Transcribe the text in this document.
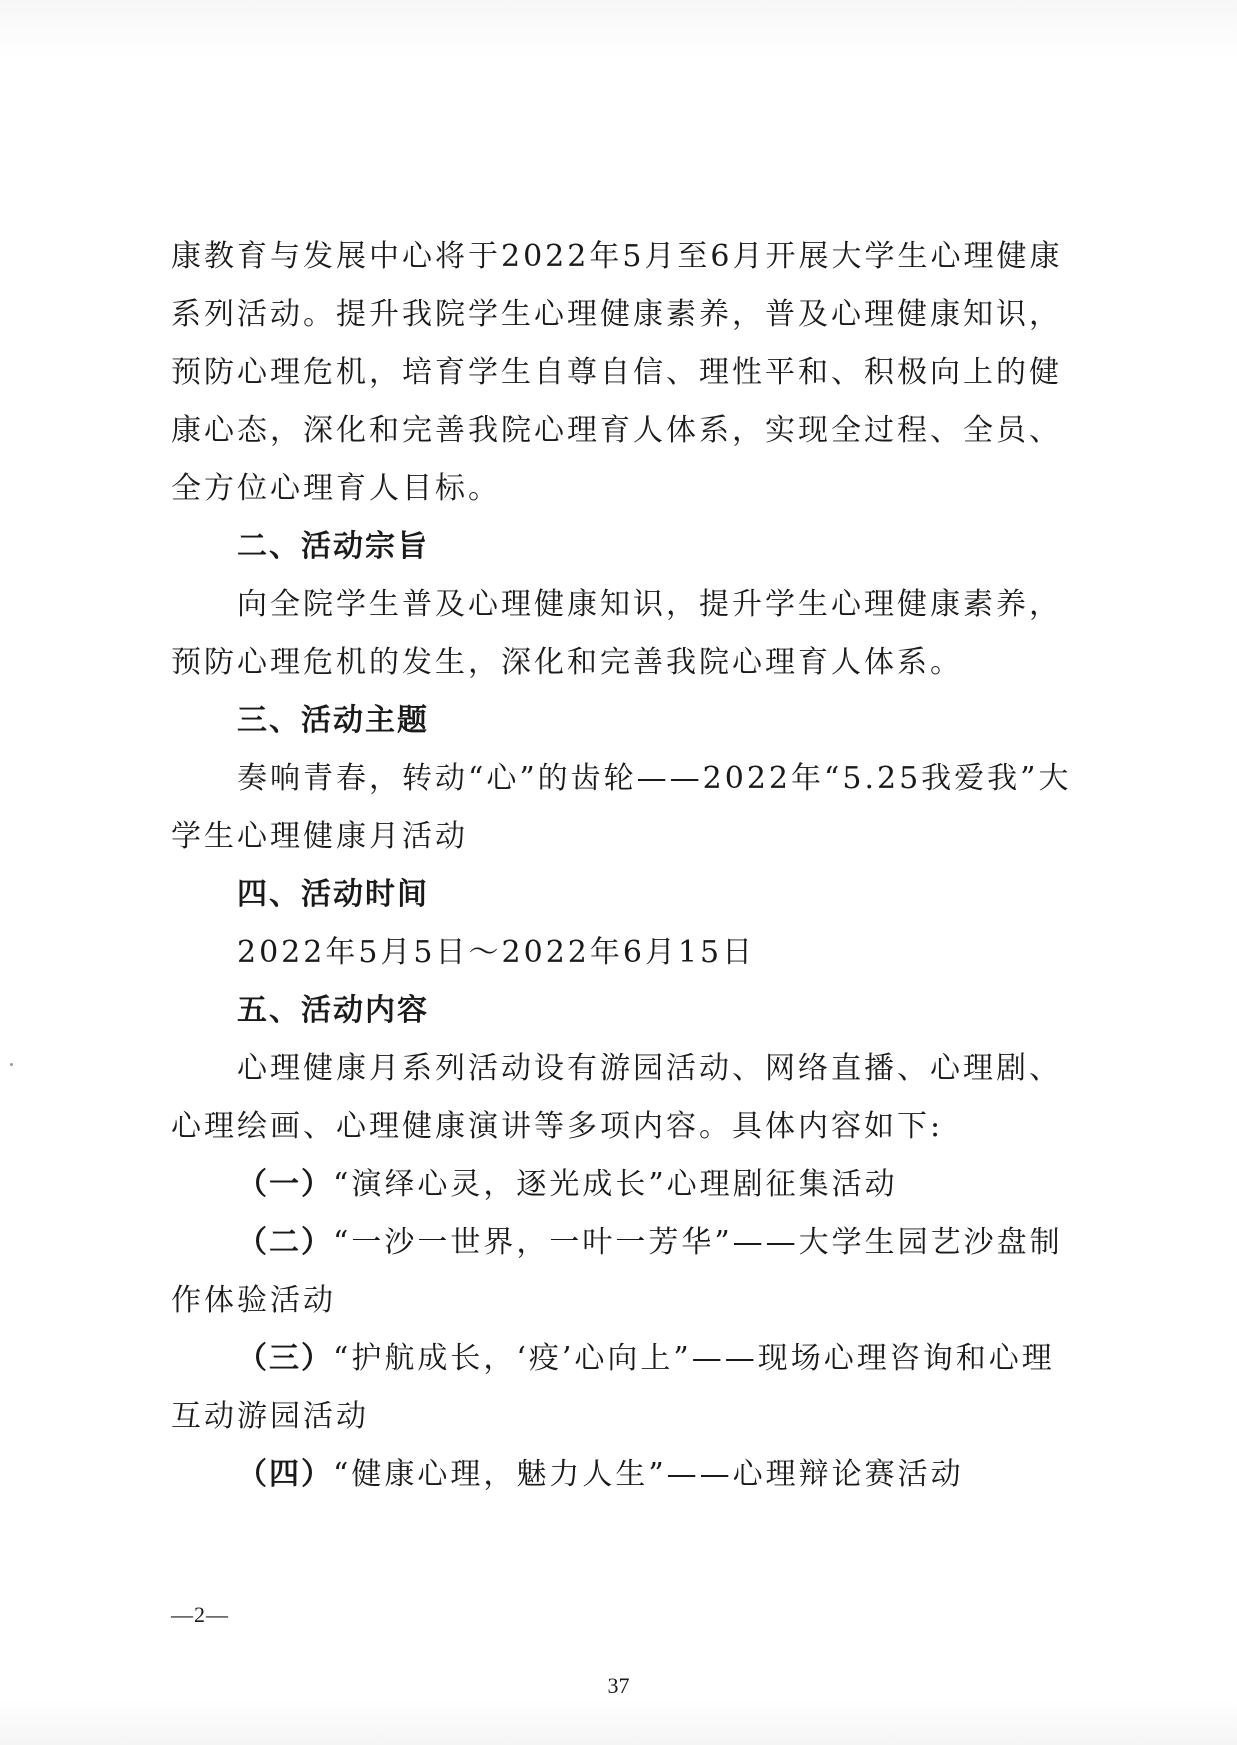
康教育与发展中心将于2022年5月至6月开展大学生心理健康系列活动。提升我院学生心理健康素养，普及心理健康知识，预防心理危机，培育学生自尊自信、理性平和、积极向上的健康心态，深化和完善我院心理育人体系，实现全过程、全员、全方位心理育人目标。

二、活动宗旨

向全院学生普及心理健康知识，提升学生心理健康素养，预防心理危机的发生，深化和完善我院心理育人体系。

三、活动主题

奏响青春，转动“心”的齿轮——2022年“5.25我爱我”大学生心理健康月活动

四、活动时间

2022年5月5日～2022年6月15日

五、活动内容

心理健康月系列活动设有游园活动、网络直播、心理剧、心理绘画、心理健康演讲等多项内容。具体内容如下:

（一）“演绎心灵，逐光成长”心理剧征集活动

（二）“一沙一世界，一叶一芳华”——大学生园艺沙盘制作体验活动

（三）“护航成长，‘疫’心向上”——现场心理咨询和心理互动游园活动

（四）“健康心理，魅力人生”——心理辩论赛活动

—2—
37
